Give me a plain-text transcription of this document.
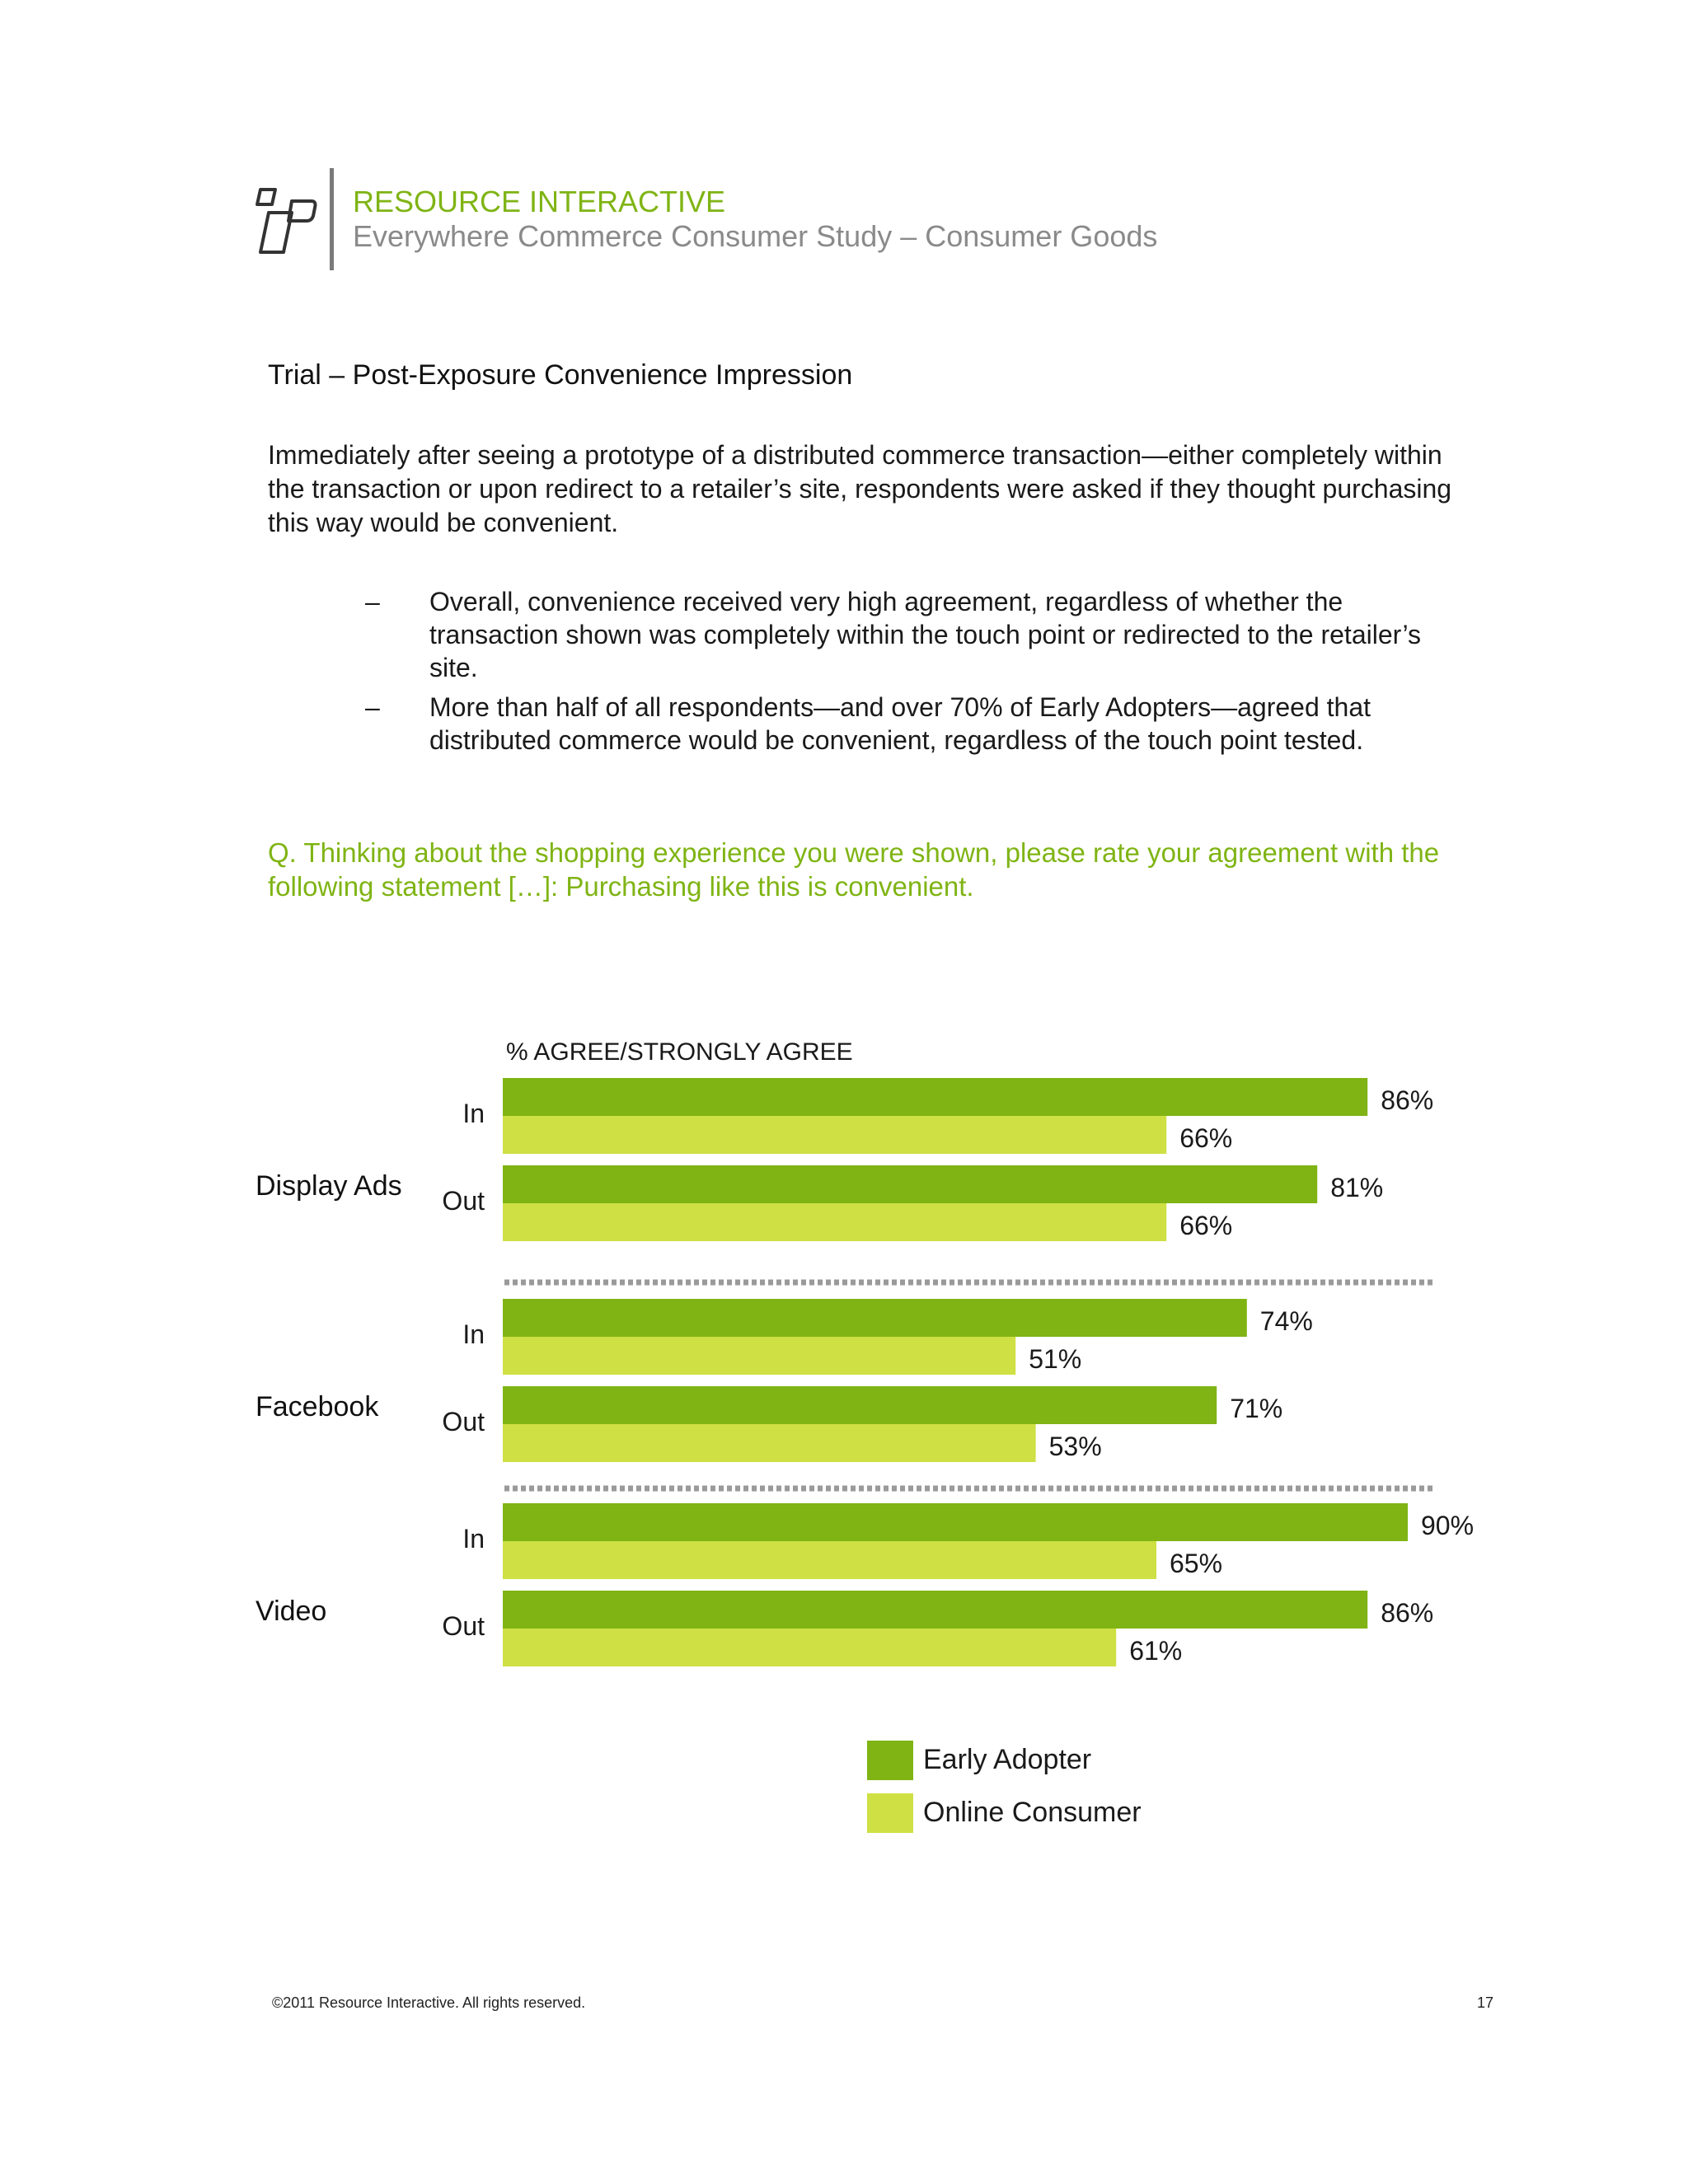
RESOURCE INTERACTIVE
Everywhere Commerce Consumer Study – Consumer Goods
Trial – Post-Exposure Convenience Impression
Immediately after seeing a prototype of a distributed commerce transaction—either completely within the transaction or upon redirect to a retailer’s site, respondents were asked if they thought purchasing this way would be convenient.
– Overall, convenience received very high agreement, regardless of whether the transaction shown was completely within the touch point or redirected to the retailer’s site.
– More than half of all respondents—and over 70% of Early Adopters—agreed that distributed commerce would be convenient, regardless of the touch point tested.
Q. Thinking about the shopping experience you were shown, please rate your agreement with the following statement […]: Purchasing like this is convenient.
% AGREE/STRONGLY AGREE
In	86%
66%
Out	81%
66%
Display Ads
In	74%
51%
Out	71%
53%
Facebook
In	90%
65%
Out	86%
61%
Video
Early Adopter
Online Consumer
©2011 Resource Interactive. All rights reserved.	17
